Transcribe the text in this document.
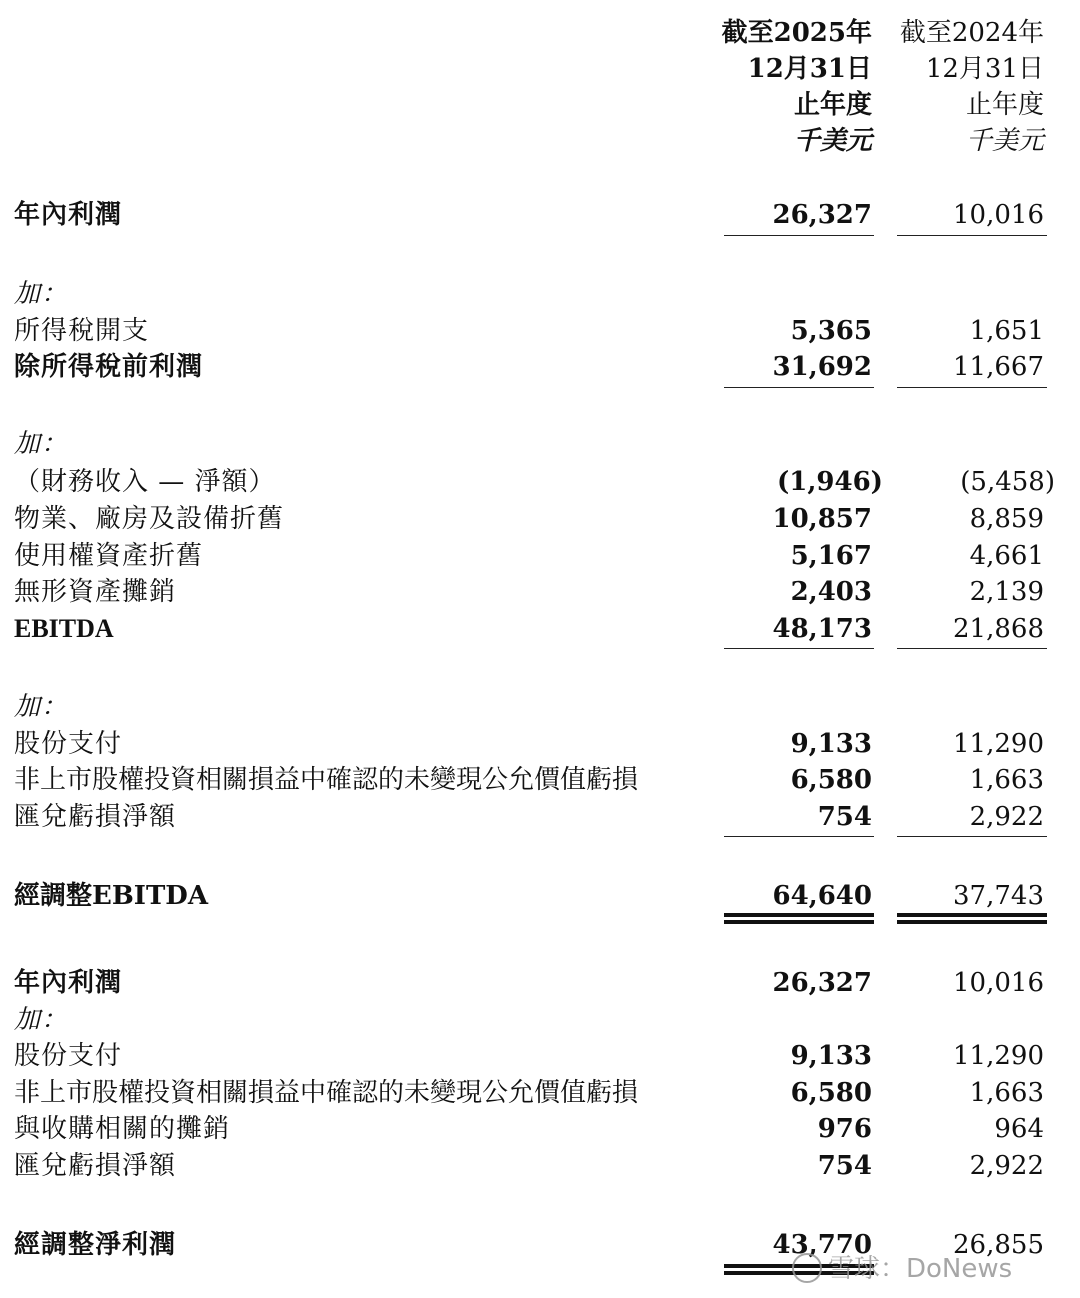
截至2025年
12月31日
止年度
千美元
截至2024年
12月31日
止年度
千美元
年內利潤	26,327	10,016
加：
所得稅開支	5,365	1,651
除所得稅前利潤	31,692	11,667
加：
（財務收入 — 淨額）	(1,946)	(5,458)
物業、廠房及設備折舊	10,857	8,859
使用權資產折舊	5,167	4,661
無形資產攤銷	2,403	2,139
EBITDA	48,173	21,868
加：
股份支付	9,133	11,290
非上市股權投資相關損益中確認的未變現公允價值虧損	6,580	1,663
匯兌虧損淨額	754	2,922
經調整EBITDA	64,640	37,743
年內利潤	26,327	10,016
加：
股份支付	9,133	11,290
非上市股權投資相關損益中確認的未變現公允價值虧損	6,580	1,663
與收購相關的攤銷	976	964
匯兌虧損淨額	754	2,922
經調整淨利潤	43,770	26,855
雪球：DoNews
